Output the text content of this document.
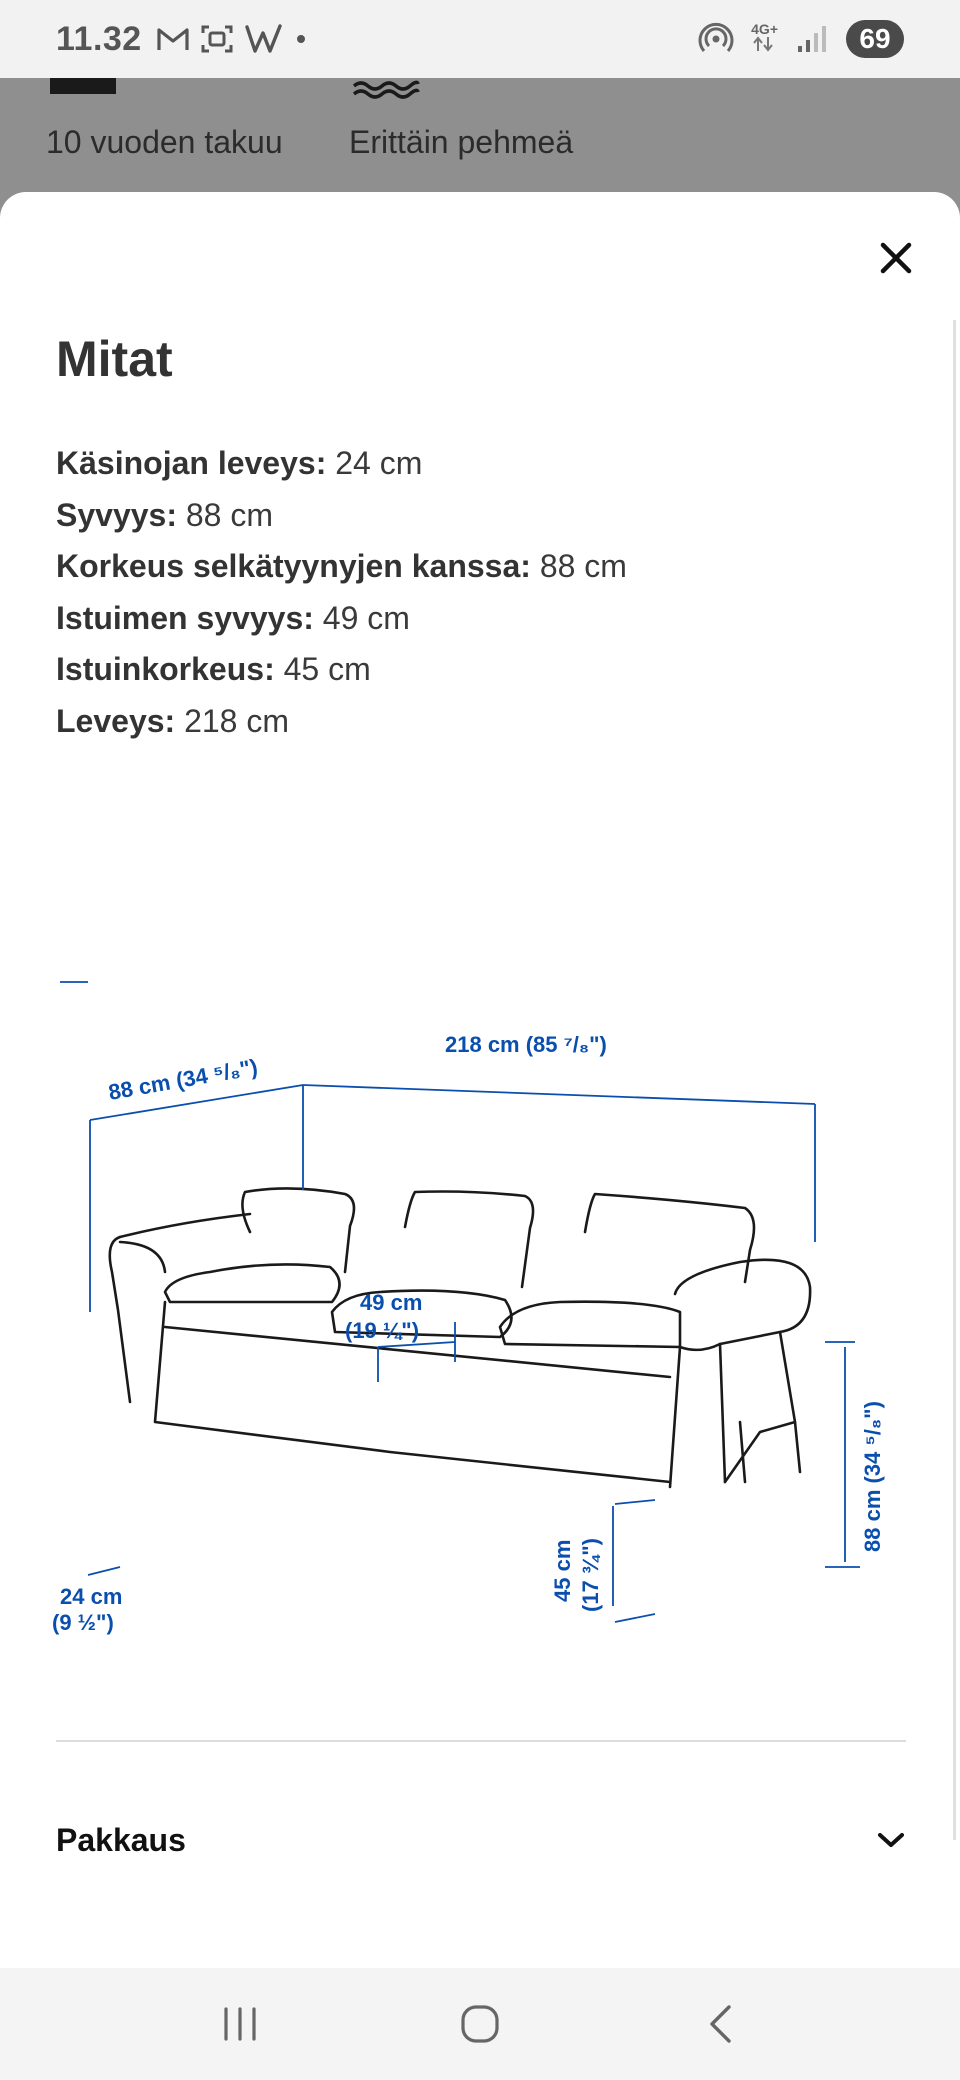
11.32	4G+	69
10 vuoden takuu Erittäin pehmeä
Mitat
Käsinojan leveys: 24 cm
Syvyys: 88 cm
Korkeus selkätyynyjen kanssa: 88 cm
Istuimen syvyys: 49 cm
Istuinkorkeus: 45 cm
Leveys: 218 cm
88 cm (34 ⁵/₈")
218 cm (85 ⁷/₈")
88 cm (34 ⁵/₈")
49 cm
(19 ¼")
45 cm (17 ¾")
24 cm
(9 ½")
Pakkaus
